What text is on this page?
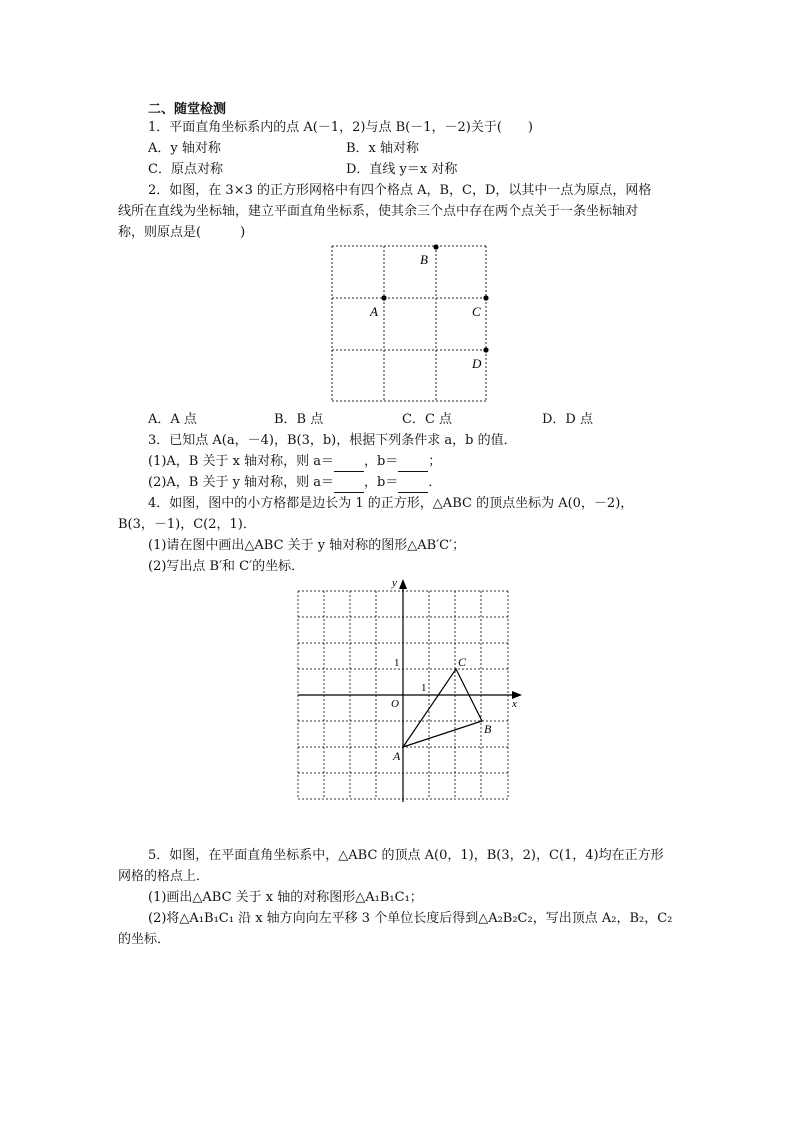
二、随堂检测
1．平面直角坐标系内的点 A(－1，2)与点 B(－1，－2)关于(　　)
A．y 轴对称	B．x 轴对称
C．原点对称	D．直线 y＝x 对称
2．如图，在 3×3 的正方形网格中有四个格点 A，B，C，D，以其中一点为原点，网格
线所在直线为坐标轴，建立平面直角坐标系，使其余三个点中存在两个点关于一条坐标轴对
称，则原点是(　　　)
B
A	C
D
A．A 点	B．B 点	C．C 点	D．D 点
3．已知点 A(a，－4)，B(3，b)，根据下列条件求 a，b 的值．
(1)A，B 关于 x 轴对称，则 a＝ ，b＝ ；
(2)A，B 关于 y 轴对称，则 a＝ ，b＝ ．
4．如图，图中的小方格都是边长为 1 的正方形，△ABC 的顶点坐标为 A(0，－2)，
B(3，－1)，C(2，1)．
(1)请在图中画出△ABC 关于 y 轴对称的图形△AB′C′；
(2)写出点 B′和 C′的坐标．
y
x
O
1
1
C
B
A
5．如图，在平面直角坐标系中，△ABC 的顶点 A(0，1)，B(3，2)，C(1，4)均在正方形
网格的格点上．
(1)画出△ABC 关于 x 轴的对称图形△A₁B₁C₁；
(2)将△A₁B₁C₁ 沿 x 轴方向向左平移 3 个单位长度后得到△A₂B₂C₂，写出顶点 A₂，B₂，C₂
的坐标．
